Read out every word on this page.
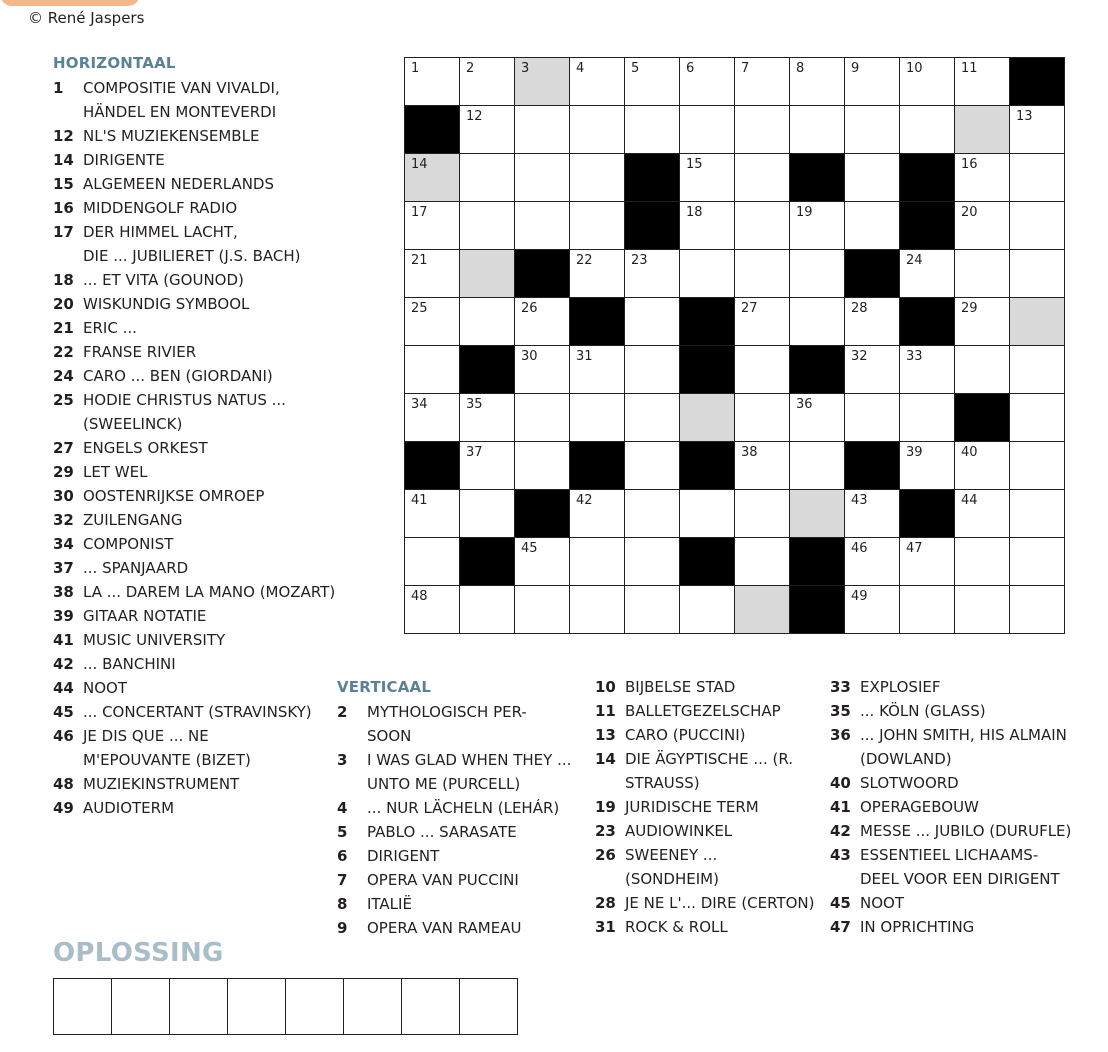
© René Jaspers
HORIZONTAAL
1	COMPOSITIE VAN VIVALDI,
HÄNDEL EN MONTEVERDI
12 NL'S MUZIEKENSEMBLE
14 DIRIGENTE
15 ALGEMEEN NEDERLANDS
16 MIDDENGOLF RADIO
17 DER HIMMEL LACHT,
DIE ... JUBILIERET (J.S. BACH)
18 ... ET VITA (GOUNOD)
20 WISKUNDIG SYMBOOL
21 ERIC ...
22 FRANSE RIVIER
24 CARO ... BEN (GIORDANI)
25 HODIE CHRISTUS NATUS ...
(SWEELINCK)
27 ENGELS ORKEST
29 LET WEL
30 OOSTENRIJKSE OMROEP
32 ZUILENGANG
34 COMPONIST
37 ... SPANJAARD
38 LA ... DAREM LA MANO (MOZART)
39 GITAAR NOTATIE
41 MUSIC UNIVERSITY
42 ... BANCHINI
44 NOOT
45 ... CONCERTANT (STRAVINSKY)
46 JE DIS QUE ... NE
M'EPOUVANTE (BIZET)
48 MUZIEKINSTRUMENT
49 AUDIOTERM
1	2	3	4	5	6	7	8	9	10	11	

	12										13

14					15					16	

17					18		19			20	

21			22	23					24		

25		26				27		28		29	

		30	31					32	33		

34	35						36				

	37					38			39	40	

41			42					43		44	

		45						46	47		

48								49			

VERTICAAL
2	MYTHOLOGISCH PER-
SOON
3	I WAS GLAD WHEN THEY ...
UNTO ME (PURCELL)
4	... NUR LÄCHELN (LEHÁR)
5	PABLO ... SARASATE
6	DIRIGENT
7	OPERA VAN PUCCINI
8	ITALIË
9	OPERA VAN RAMEAU
10 BIJBELSE STAD
11 BALLETGEZELSCHAP
13 CARO (PUCCINI)
14 DIE ÄGYPTISCHE ... (R.
STRAUSS)
19 JURIDISCHE TERM
23 AUDIOWINKEL
26 SWEENEY ...
(SONDHEIM)
28 JE NE L'... DIRE (CERTON)
31 ROCK & ROLL
33 EXPLOSIEF
35 ... KÖLN (GLASS)
36 ... JOHN SMITH, HIS ALMAIN
(DOWLAND)
40 SLOTWOORD
41 OPERAGEBOUW
42 MESSE ... JUBILO (DURUFLE)
43 ESSENTIEEL LICHAAMS-
DEEL VOOR EEN DIRIGENT
45 NOOT
47 IN OPRICHTING
OPLOSSING
